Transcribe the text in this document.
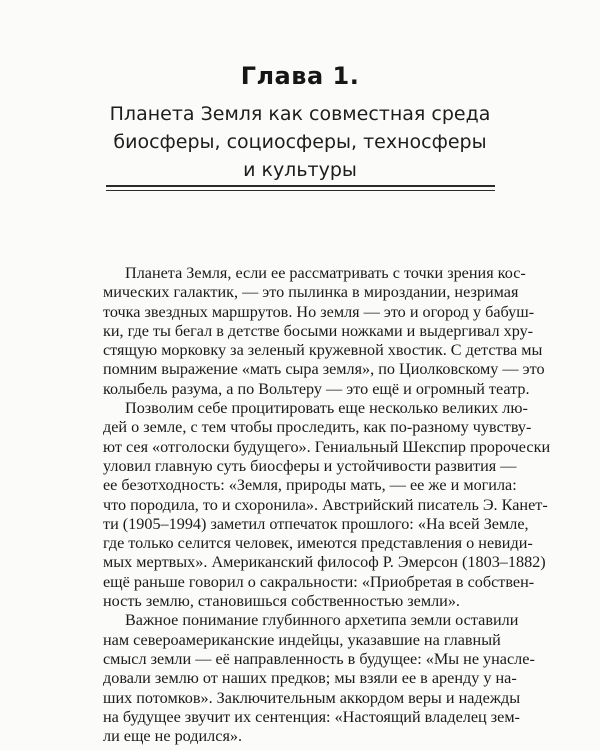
Глава 1.
Планета Земля как совместная среда
биосферы, социосферы, техносферы
и культуры
Планета Земля, если ее рассматривать с точки зрения кос-
мических галактик, — это пылинка в мироздании, незримая
точка звездных маршрутов. Но земля — это и огород у бабуш-
ки, где ты бегал в детстве босыми ножками и выдергивал хру-
стящую морковку за зеленый кружевной хвостик. С детства мы
помним выражение «мать сыра земля», по Циолковскому — это
колыбель разума, а по Вольтеру — это ещё и огромный театр.
Позволим себе процитировать еще несколько великих лю-
дей о земле, с тем чтобы проследить, как по-разному чувству-
ют сея «отголоски будущего». Гениальный Шекспир пророчески
уловил главную суть биосферы и устойчивости развития —
ее безотходность: «Земля, природы мать, — ее же и могила:
что породила, то и схоронила». Австрийский писатель Э. Канет-
ти (1905–1994) заметил отпечаток прошлого: «На всей Земле,
где только селится человек, имеются представления о невиди-
мых мертвых». Американский философ Р. Эмерсон (1803–1882)
ещё раньше говорил о сакральности: «Приобретая в собствен-
ность землю, становишься собственностью земли».
Важное понимание глубинного архетипа земли оставили
нам североамериканские индейцы, указавшие на главный
смысл земли — её направленность в будущее: «Мы не унасле-
довали землю от наших предков; мы взяли ее в аренду у на-
ших потомков». Заключительным аккордом веры и надежды
на будущее звучит их сентенция: «Настоящий владелец зем-
ли еще не родился».
